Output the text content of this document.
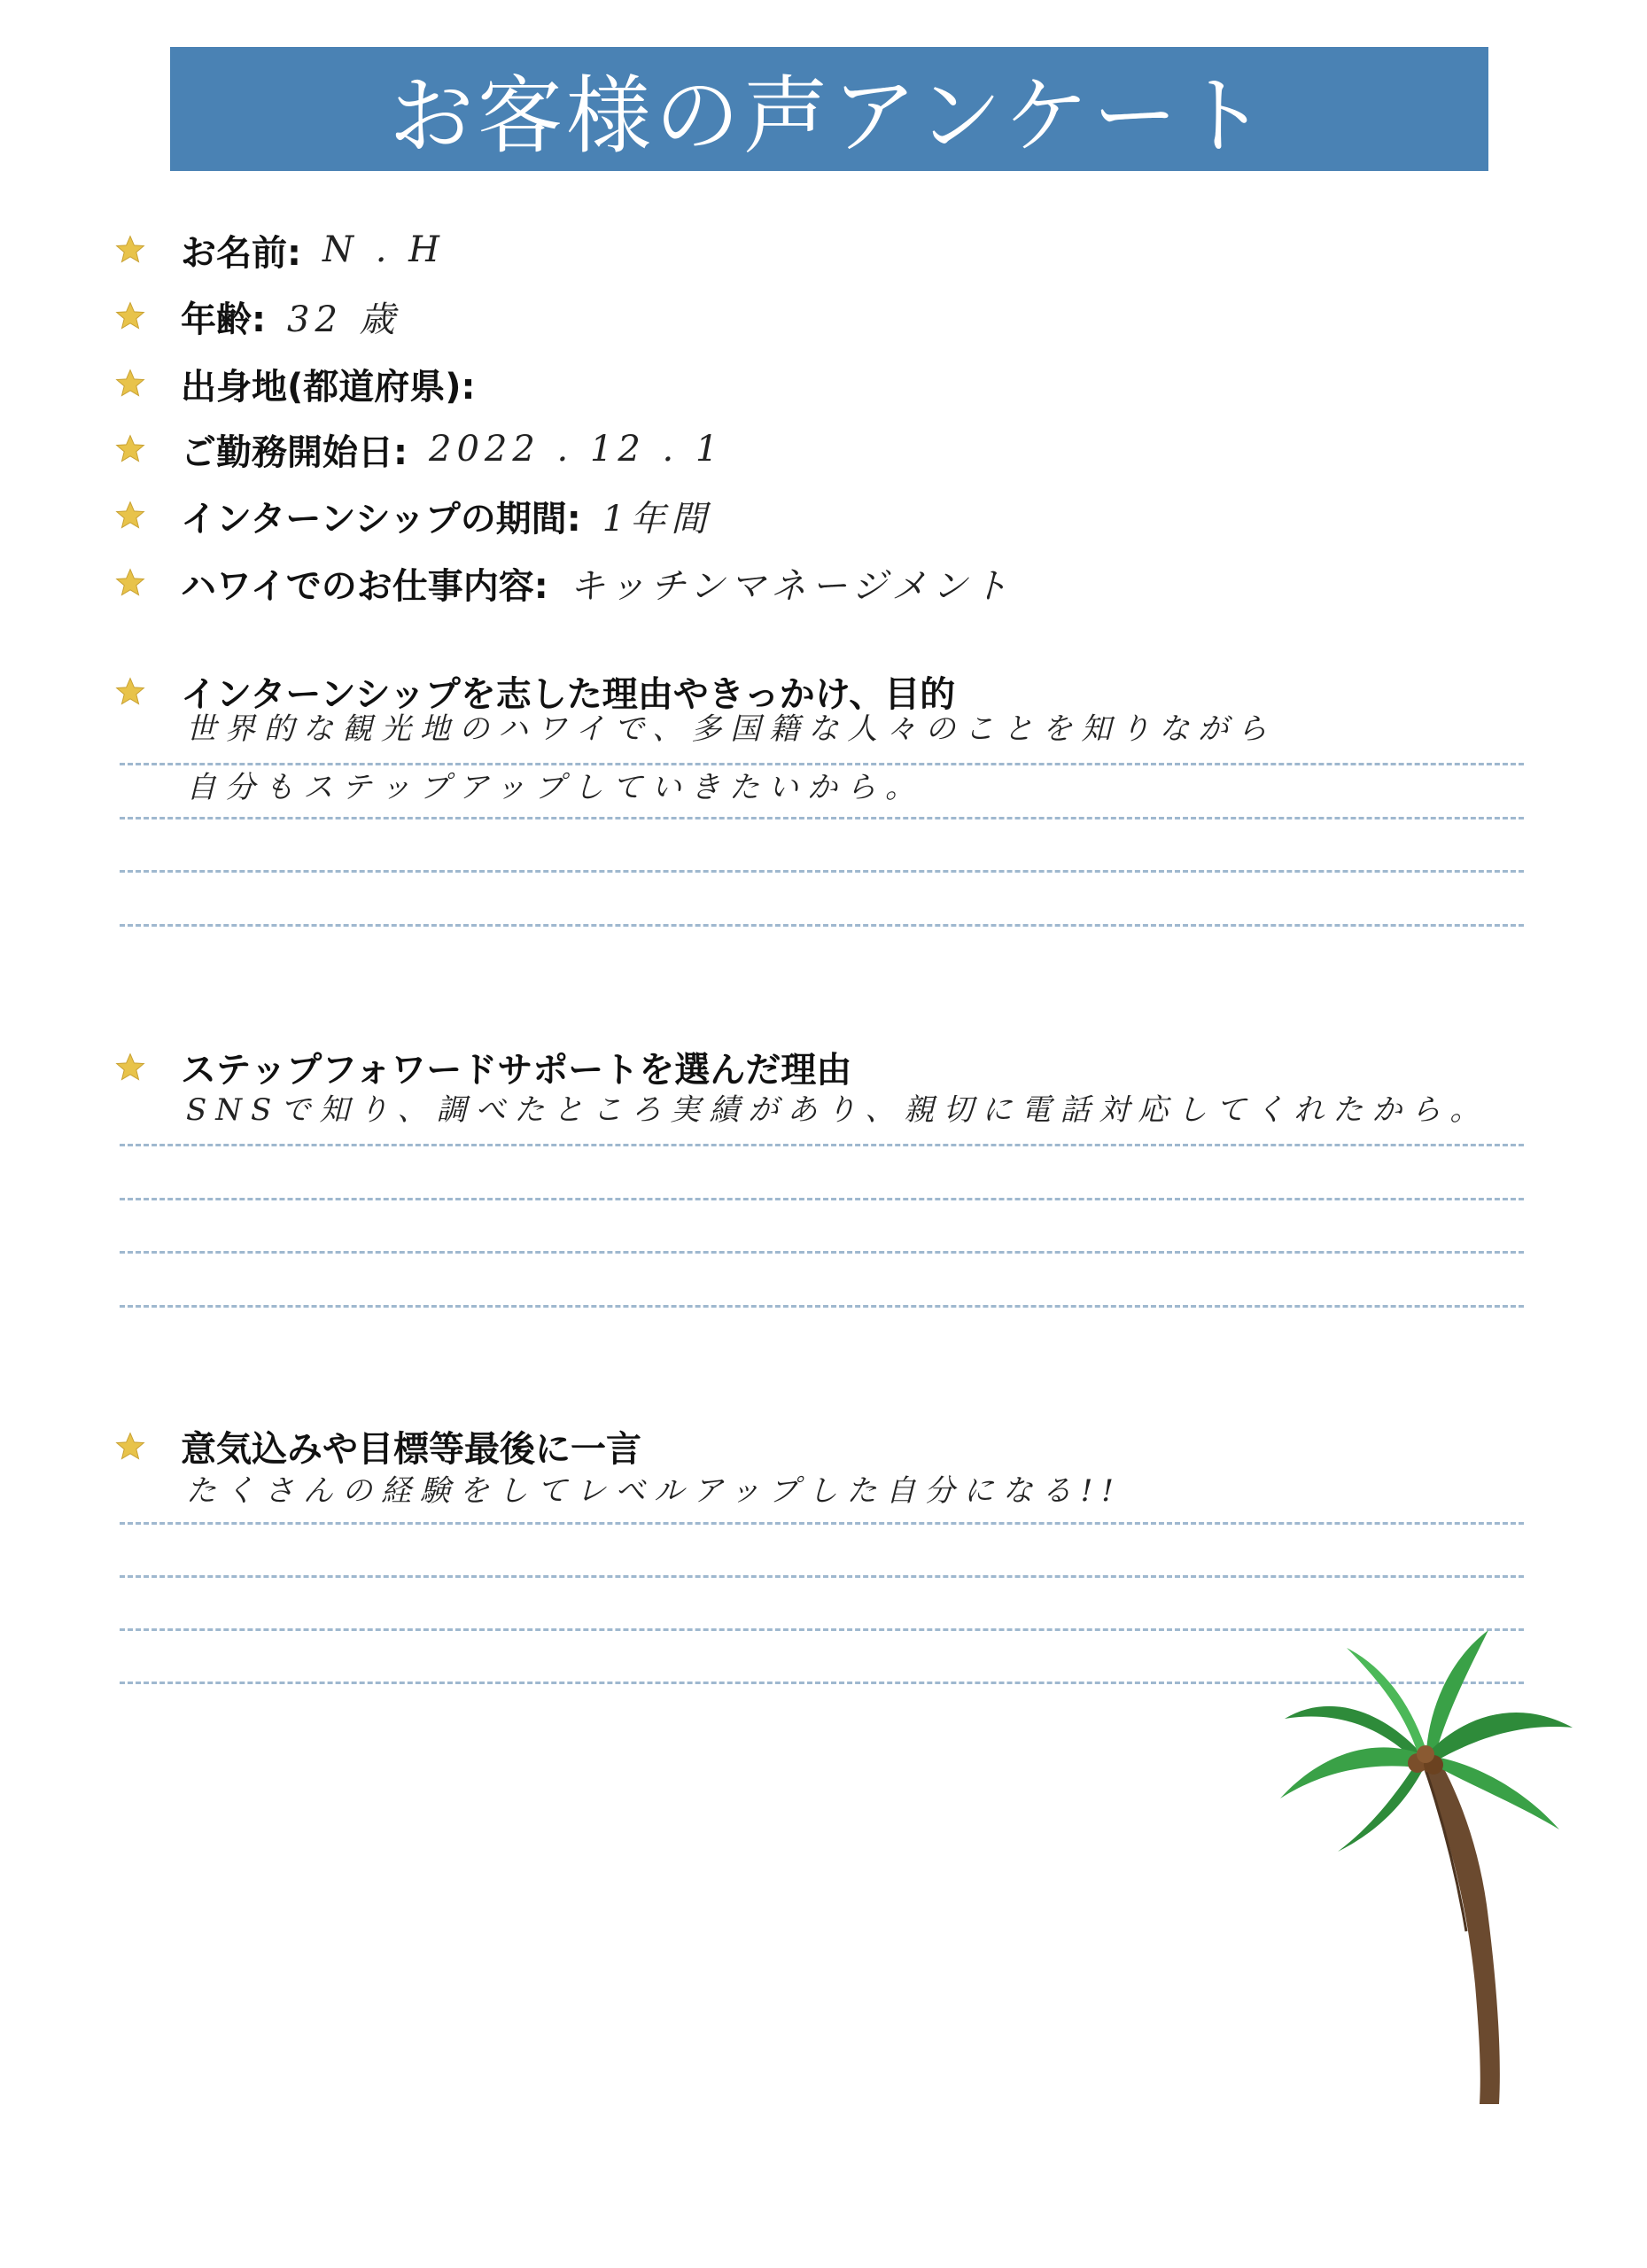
お客様の声アンケート
お名前: N . H
年齢: 32 歳
出身地(都道府県):
ご勤務開始日: 2022 . 12 . 1
インターンシップの期間: 1年間
ハワイでのお仕事内容: キッチンマネージメント
インターンシップを志した理由やきっかけ、目的
世界的な観光地のハワイで、多国籍な人々のことを知りながら
自分もステップアップしていきたいから。
ステップフォワードサポートを選んだ理由
SNSで知り、調べたところ実績があり、親切に電話対応してくれたから。
意気込みや目標等最後に一言
たくさんの経験をしてレベルアップした自分になる!!
